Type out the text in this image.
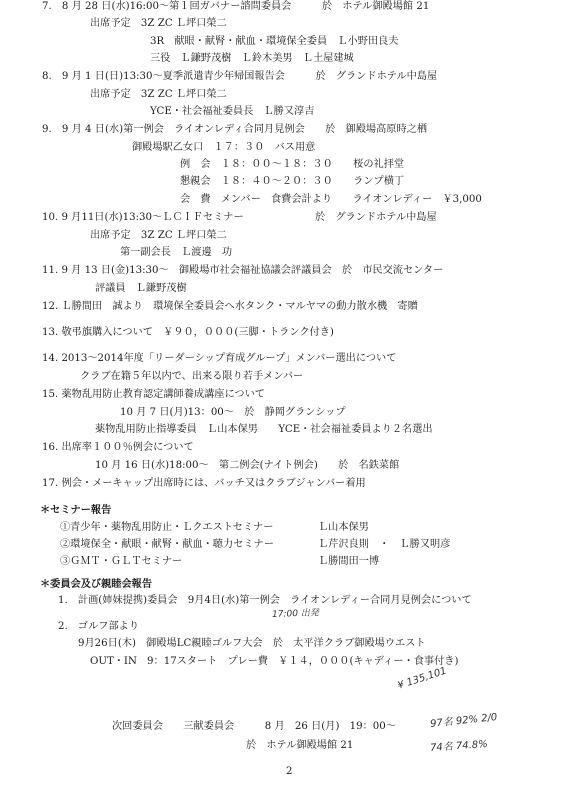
7.　8 月 28 日(水)16:00～第１回ガバナー諮問委員会　　　於　ホテル御殿場館 21

出席予定　3Z ZC Ｌ坪口榮二

3R　献眼・献腎・献血・環境保全委員　Ｌ小野田良夫

三役　Ｌ鎌野茂樹　Ｌ鈴木美男　Ｌ土屋建城

8.　9 月 1 日(日)13:30～夏季派遣青少年帰国報告会　　　於　グランドホテル中島屋

出席予定　3Z ZC Ｌ坪口榮二

YCE・社会福祉委員長　Ｌ勝又淳吉

9.　9 月 4 日(水)第一例会　ライオンレディ合同月見例会　　於　御殿場高原時之栖

御殿場駅乙女口　１７：３０　バス用意

例　会　１８：００～１８：３０　　桜の礼拝堂

懇親会　１８：４０～２０：３０　　ランプ横丁

会　費　メンバー　食費会計より　　ライオンレディー　￥3,000

10. 9 月11日(水)13:30～ＬＣＩＦセミナー　　　　　　　於　グランドホテル中島屋

出席予定　3Z ZC Ｌ坪口榮二

第一副会長　Ｌ渡邊　功

11. 9 月 13 日(金)13:30～　御殿場市社会福祉協議会評議員会　於　市民交流センター

評議員　Ｌ鎌野茂樹

12. Ｌ勝間田　誠より　環境保全委員会へ水タンク・マルヤマの動力散水機　寄贈

13. 敬弔旗購入について　￥９０，０００(三脚・トランク付き)

14. 2013～2014年度「リーダーシップ育成グループ」メンバー選出について

クラブ在籍５年以内で、出来る限り若手メンバー

15. 薬物乱用防止教育認定講師養成講座について

10 月 7 日(月)13：00～　於　静岡グランシップ

薬物乱用防止指導委員　Ｌ山本保男　　YCE・社会福祉委員より２名選出

16. 出席率１００％例会について

10 月 16 日(水)18:00～　第二例会(ナイト例会)　　於　名鉄菜館

17. 例会・メーキャップ出席時には、バッチ又はクラブジャンバー着用

＊セミナー報告

①青少年・薬物乱用防止・Ｌクエストセミナー	Ｌ山本保男

②環境保全・献眼・献腎・献血・聴力セミナー	Ｌ芹沢良則　・　Ｌ勝又明彦

③ＧＭＴ・ＧＬＴセミナー	Ｌ勝間田一博

＊委員会及び親睦会報告

1.　計画(姉妹提携)委員会　9月4日(水)第一例会　ライオンレディー合同月見例会について

2.　ゴルフ部より

9月26日(木)　御殿場LC親睦ゴルフ大会　於　太平洋クラブ御殿場ウエスト

OUT・IN　9：17スタート　プレー費　￥１４，０００(キャディー・食事付き)

次回委員会　　三献委員会　　　8 月　26 日(月)　19：00～

於　ホテル御殿場館 21

2

17:00 出発
¥ 135,101
97名 92% 2/0
74名 74.8%
